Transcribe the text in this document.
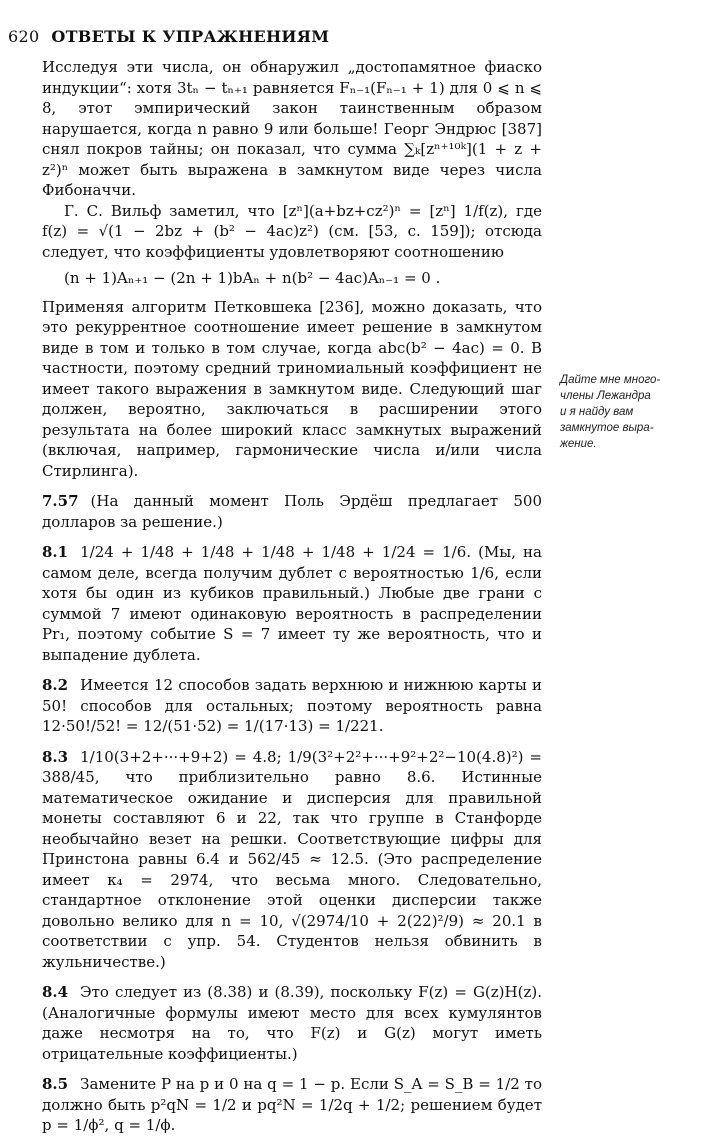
620 ОТВЕТЫ К УПРАЖНЕНИЯМ

Исследуя эти числа, он обнаружил „достопамятное фиаско индукции“: хотя 3tₙ − tₙ₊₁ равняется Fₙ₋₁(Fₙ₋₁ + 1) для 0 ⩽ n ⩽ 8, этот эмпирический закон таинственным образом нарушается, когда n равно 9 или больше! Георг Эндрюс [387] снял покров тайны; он показал, что сумма ∑ₖ[zⁿ⁺¹⁰ᵏ](1 + z + z²)ⁿ может быть выражена в замкнутом виде через числа Фибоначчи.

Г. С. Вильф заметил, что [zⁿ](a+bz+cz²)ⁿ = [zⁿ] 1/f(z), где f(z) = √(1 − 2bz + (b² − 4ac)z²) (см. [53, с. 159]); отсюда следует, что коэффициенты удовлетворяют соотношению

(n + 1)Aₙ₊₁ − (2n + 1)bAₙ + n(b² − 4ac)Aₙ₋₁ = 0 .

Применяя алгоритм Петковшека [236], можно доказать, что это рекуррентное соотношение имеет решение в замкнутом виде в том и только в том случае, когда abc(b² − 4ac) = 0. В частности, поэтому средний триномиальный коэффициент не имеет такого выражения в замкнутом виде. Следующий шаг должен, вероятно, заключаться в расширении этого результата на более широкий класс замкнутых выражений (включая, например, гармонические числа и/или числа Стирлинга).

7.57 (На данный момент Поль Эрдёш предлагает 500 долларов за решение.)

8.1 1/24 + 1/48 + 1/48 + 1/48 + 1/48 + 1/24 = 1/6. (Мы, на самом деле, всегда получим дублет с вероятностью 1/6, если хотя бы один из кубиков правильный.) Любые две грани с суммой 7 имеют одинаковую вероятность в распределении Pr₁, поэтому событие S = 7 имеет ту же вероятность, что и выпадение дублета.

8.2 Имеется 12 способов задать верхнюю и нижнюю карты и 50! способов для остальных; поэтому вероятность равна 12·50!/52! = 12/(51·52) = 1/(17·13) = 1/221.

8.3 1/10(3+2+···+9+2) = 4.8; 1/9(3²+2²+···+9²+2²−10(4.8)²) = 388/45, что приблизительно равно 8.6. Истинные математическое ожидание и дисперсия для правильной монеты составляют 6 и 22, так что группе в Станфорде необычайно везет на решки. Соответствующие цифры для Принстона равны 6.4 и 562/45 ≈ 12.5. (Это распределение имеет κ₄ = 2974, что весьма много. Следовательно, стандартное отклонение этой оценки дисперсии также довольно велико для n = 10, √(2974/10 + 2(22)²/9) ≈ 20.1 в соответствии с упр. 54. Студентов нельзя обвинить в жульничестве.)

8.4 Это следует из (8.38) и (8.39), поскольку F(z) = G(z)H(z). (Аналогичные формулы имеют место для всех кумулянтов даже несмотря на то, что F(z) и G(z) могут иметь отрицательные коэффициенты.)

8.5 Замените P на p и 0 на q = 1 − p. Если S_A = S_B = 1/2 то должно быть p²qN = 1/2 и pq²N = 1/2q + 1/2; решением будет p = 1/ϕ², q = 1/ϕ.

Дайте мне много-
члены Лежандра
и я найду вам
замкнутое выра-
жение.
